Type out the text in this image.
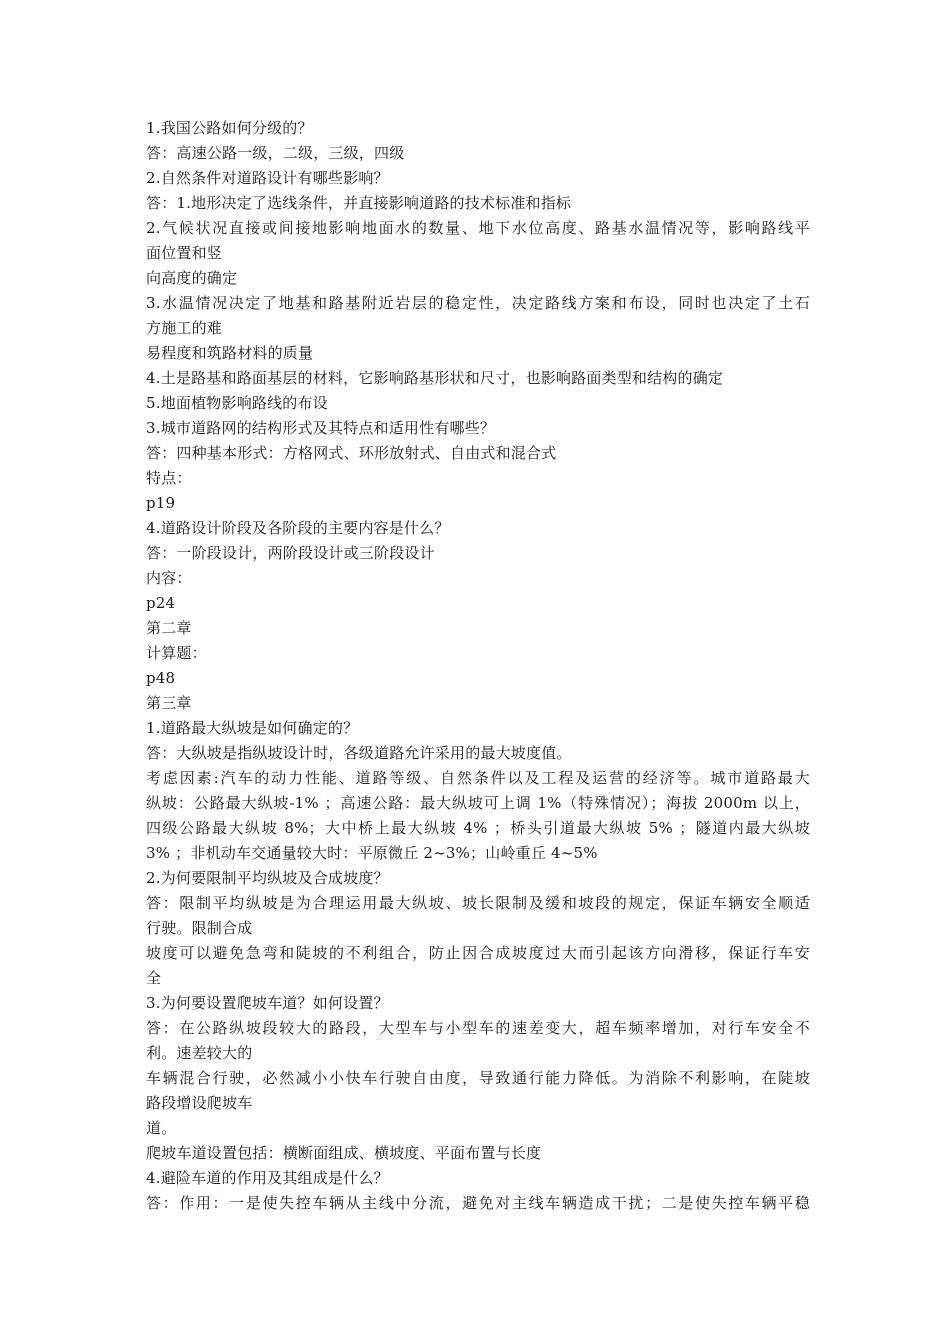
1.我国公路如何分级的？
答：高速公路一级，二级，三级，四级
2.自然条件对道路设计有哪些影响？
答：1.地形决定了选线条件，并直接影响道路的技术标准和指标
2.气候状况直接或间接地影响地面水的数量、地下水位高度、路基水温情况等，影响路线平
面位置和竖
向高度的确定
3.水温情况决定了地基和路基附近岩层的稳定性，决定路线方案和布设，同时也决定了土石
方施工的难
易程度和筑路材料的质量
4.土是路基和路面基层的材料，它影响路基形状和尺寸，也影响路面类型和结构的确定
5.地面植物影响路线的布设
3.城市道路网的结构形式及其特点和适用性有哪些？
答：四种基本形式：方格网式、环形放射式、自由式和混合式
特点：
p19
4.道路设计阶段及各阶段的主要内容是什么？
答：一阶段设计，两阶段设计或三阶段设计
内容：
p24
第二章
计算题：
p48
第三章
1.道路最大纵坡是如何确定的？
答：大纵坡是指纵坡设计时，各级道路允许采用的最大坡度值。
考虑因素:汽车的动力性能、道路等级、自然条件以及工程及运营的经济等。城市道路最大
纵坡：公路最大纵坡-1% ；高速公路：最大纵坡可上调 1%（特殊情况）；海拔 2000m 以上，
四级公路最大纵坡 8%；大中桥上最大纵坡 4% ；桥头引道最大纵坡 5% ；隧道内最大纵坡
3% ；非机动车交通量较大时：平原微丘 2~3%；山岭重丘 4~5%
2.为何要限制平均纵坡及合成坡度？
答：限制平均纵坡是为合理运用最大纵坡、坡长限制及缓和坡段的规定，保证车辆安全顺适
行驶。限制合成
坡度可以避免急弯和陡坡的不利组合，防止因合成坡度过大而引起该方向滑移，保证行车安
全
3.为何要设置爬坡车道？如何设置？
答：在公路纵坡段较大的路段，大型车与小型车的速差变大，超车频率增加，对行车安全不
利。速差较大的
车辆混合行驶，必然减小小快车行驶自由度，导致通行能力降低。为消除不利影响，在陡坡
路段增设爬坡车
道。
爬坡车道设置包括：横断面组成、横坡度、平面布置与长度
4.避险车道的作用及其组成是什么？
答：作用：一是使失控车辆从主线中分流，避免对主线车辆造成干扰；二是使失控车辆平稳
